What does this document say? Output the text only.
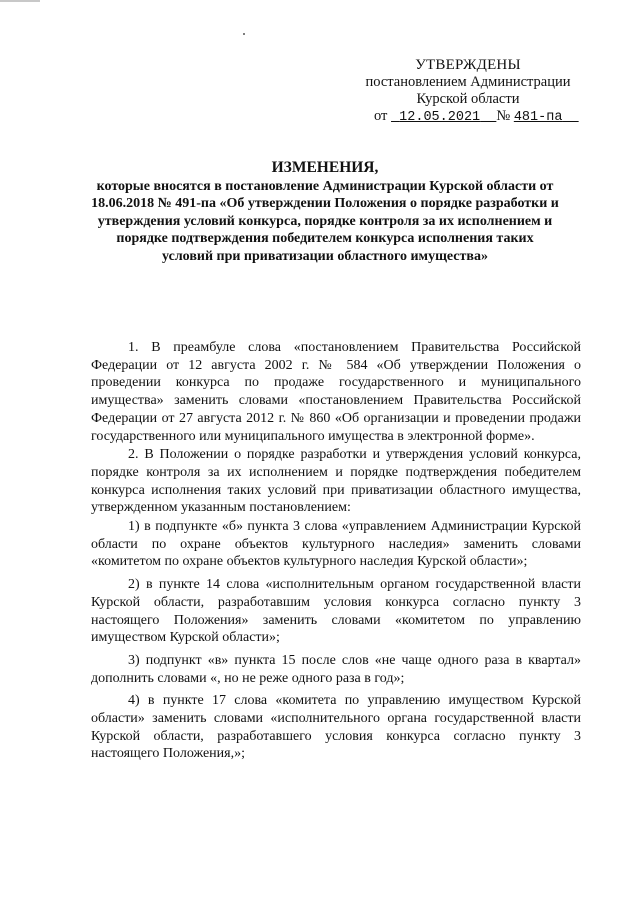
УТВЕРЖДЕНЫ
постановлением Администрации
Курской области
от 12.05.2021 № 481-па
ИЗМЕНЕНИЯ,
которые вносятся в постановление Администрации Курской области от 18.06.2018 № 491-па «Об утверждении Положения о порядке разработки и утверждения условий конкурса, порядке контроля за их исполнением и порядке подтверждения победителем конкурса исполнения таких условий при приватизации областного имущества»

1. В преамбуле слова «постановлением Правительства Российской Федерации от 12 августа 2002 г. № 584 «Об утверждении Положения о проведении конкурса по продаже государственного и муниципального имущества» заменить словами «постановлением Правительства Российской Федерации от 27 августа 2012 г. № 860 «Об организации и проведении продажи государственного или муниципального имущества в электронной форме».

2. В Положении о порядке разработки и утверждения условий конкурса, порядке контроля за их исполнением и порядке подтверждения победителем конкурса исполнения таких условий при приватизации областного имущества, утвержденном указанным постановлением:

1) в подпункте «б» пункта 3 слова «управлением Администрации Курской области по охране объектов культурного наследия» заменить словами «комитетом по охране объектов культурного наследия Курской области»;

2) в пункте 14 слова «исполнительным органом государственной власти Курской области, разработавшим условия конкурса согласно пункту 3 настоящего Положения» заменить словами «комитетом по управлению имуществом Курской области»;

3) подпункт «в» пункта 15 после слов «не чаще одного раза в квартал» дополнить словами «, но не реже одного раза в год»;

4) в пункте 17 слова «комитета по управлению имуществом Курской области» заменить словами «исполнительного органа государственной власти Курской области, разработавшего условия конкурса согласно пункту 3 настоящего Положения,»;
